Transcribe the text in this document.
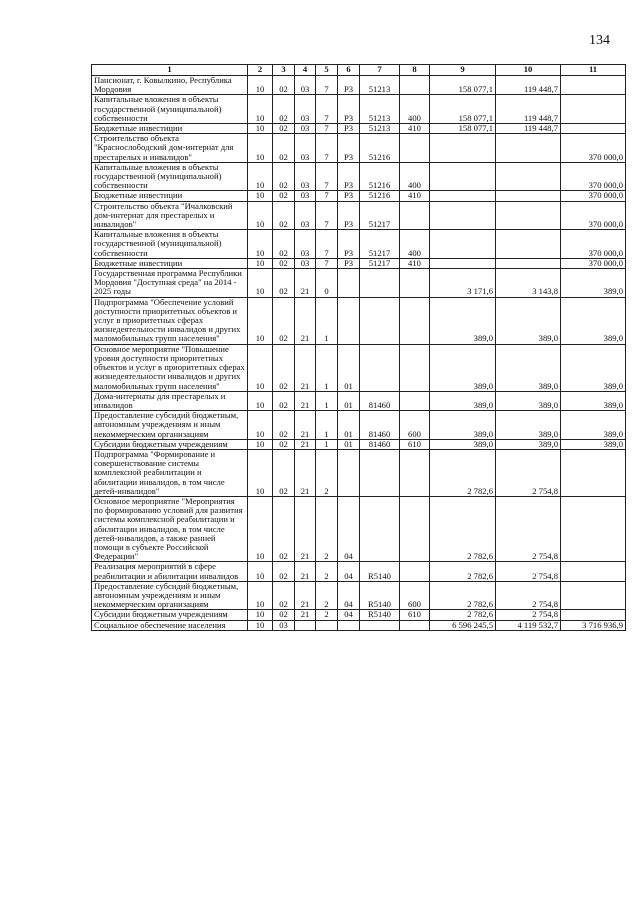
134
1	2	3	4	5	6	7	8	9	10	11
Пансионат, г. Ковылкино, Республика Мордовия	10	02	03	7	Р3	51213		158 077,1	119 448,7	
Капитальные вложения в объекты государственной (муниципальной) собственности	10	02	03	7	Р3	51213	400	158 077,1	119 448,7	
Бюджетные инвестиции	10	02	03	7	Р3	51213	410	158 077,1	119 448,7	
Строительство объекта "Краснослободский дом-интернат для престарелых и инвалидов"	10	02	03	7	Р3	51216				370 000,0
Капитальные вложения в объекты государственной (муниципальной) собственности	10	02	03	7	Р3	51216	400			370 000,0
Бюджетные инвестиции	10	02	03	7	Р3	51216	410			370 000,0
Строительство объекта "Ичалковский дом-интернат для престарелых и инвалидов"	10	02	03	7	Р3	51217				370 000,0
Капитальные вложения в объекты государственной (муниципальной) собственности	10	02	03	7	Р3	51217	400			370 000,0
Бюджетные инвестиции	10	02	03	7	Р3	51217	410			370 000,0
Государственная программа Республики Мордовия "Доступная среда" на 2014 - 2025 годы	10	02	21	0				3 171,6	3 143,8	389,0
Подпрограмма "Обеспечение условий доступности приоритетных объектов и услуг в приоритетных сферах жизнедеятельности инвалидов и других маломобильных групп населения"	10	02	21	1				389,0	389,0	389,0
Основное мероприятие "Повышение уровня доступности приоритетных объектов и услуг в приоритетных сферах жизнедеятельности инвалидов и других маломобильных групп населения"	10	02	21	1	01			389,0	389,0	389,0
Дома-интернаты для престарелых и инвалидов	10	02	21	1	01	81460		389,0	389,0	389,0
Предоставление субсидий бюджетным, автономным учреждениям и иным некоммерческим организациям	10	02	21	1	01	81460	600	389,0	389,0	389,0
Субсидии бюджетным учреждениям	10	02	21	1	01	81460	610	389,0	389,0	389,0
Подпрограмма "Формирование и совершенствование системы комплексной реабилитации и абилитации инвалидов, в том числе детей-инвалидов"	10	02	21	2				2 782,6	2 754,8	
Основное мероприятие "Мероприятия по формированию условий для развития системы комплексной реабилитации и абилитации инвалидов, в том числе детей-инвалидов, а также ранней помощи в субъекте Российской Федерации"	10	02	21	2	04			2 782,6	2 754,8	
Реализация мероприятий в сфере реабилитации и абилитации инвалидов	10	02	21	2	04	R5140		2 782,6	2 754,8	
Предоставление субсидий бюджетным, автономным учреждениям и иным некоммерческим организациям	10	02	21	2	04	R5140	600	2 782,6	2 754,8	
Субсидии бюджетным учреждениям	10	02	21	2	04	R5140	610	2 782,6	2 754,8	
Социальное обеспечение населения	10	03						6 596 245,5	4 119 532,7	3 716 936,9
